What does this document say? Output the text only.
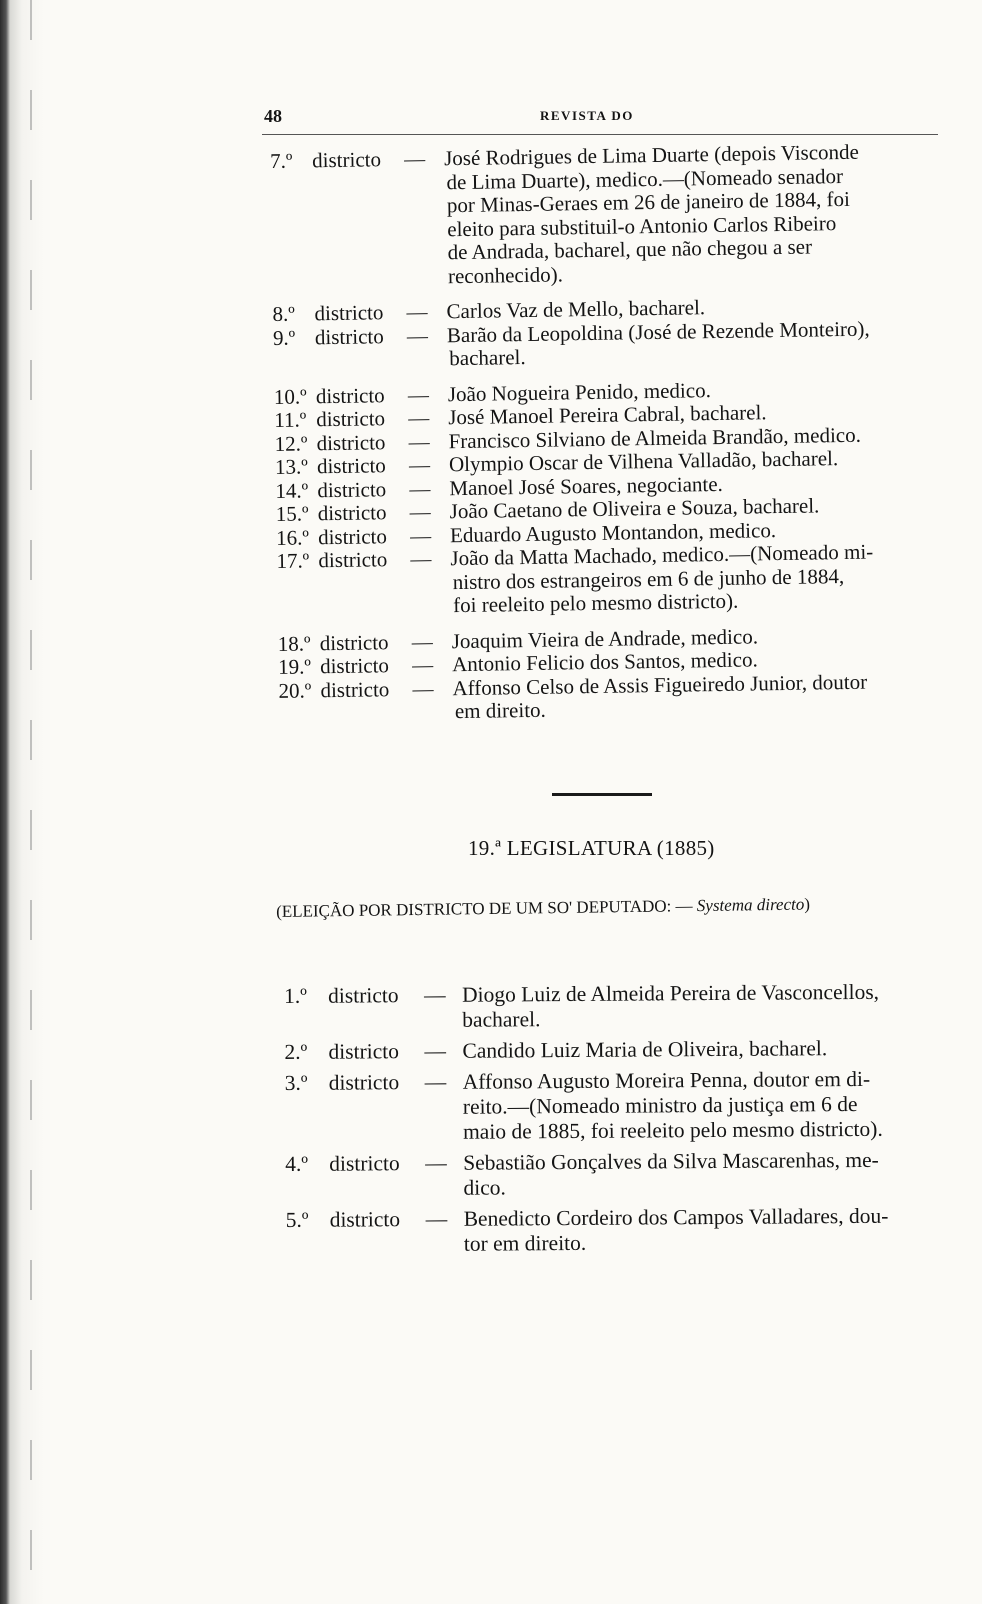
48	REVISTA DO
7.º districto — José Rodrigues de Lima Duarte (depois Visconde
de Lima Duarte), medico.—(Nomeado senador
por Minas-Geraes em 26 de janeiro de 1884, foi
eleito para substituil-o Antonio Carlos Ribeiro
de Andrada, bacharel, que não chegou a ser
reconhecido).
8.º districto — Carlos Vaz de Mello, bacharel.
9.º districto — Barão da Leopoldina (José de Rezende Monteiro),
bacharel.
10.º districto — João Nogueira Penido, medico.
11.º districto — José Manoel Pereira Cabral, bacharel.
12.º districto — Francisco Silviano de Almeida Brandão, medico.
13.º districto — Olympio Oscar de Vilhena Valladão, bacharel.
14.º districto — Manoel José Soares, negociante.
15.º districto — João Caetano de Oliveira e Souza, bacharel.
16.º districto — Eduardo Augusto Montandon, medico.
17.º districto — João da Matta Machado, medico.—(Nomeado mi-
nistro dos estrangeiros em 6 de junho de 1884,
foi reeleito pelo mesmo districto).
18.º districto — Joaquim Vieira de Andrade, medico.
19.º districto — Antonio Felicio dos Santos, medico.
20.º districto — Affonso Celso de Assis Figueiredo Junior, doutor
em direito.
19.ª LEGISLATURA (1885)
(ELEIÇÃO POR DISTRICTO DE UM SO' DEPUTADO: — Systema directo)
1.º districto — Diogo Luiz de Almeida Pereira de Vasconcellos,
bacharel.
2.º districto — Candido Luiz Maria de Oliveira, bacharel.
3.º districto — Affonso Augusto Moreira Penna, doutor em di-
reito.—(Nomeado ministro da justiça em 6 de
maio de 1885, foi reeleito pelo mesmo districto).
4.º districto — Sebastião Gonçalves da Silva Mascarenhas, me-
dico.
5.º districto — Benedicto Cordeiro dos Campos Valladares, dou-
tor em direito.
